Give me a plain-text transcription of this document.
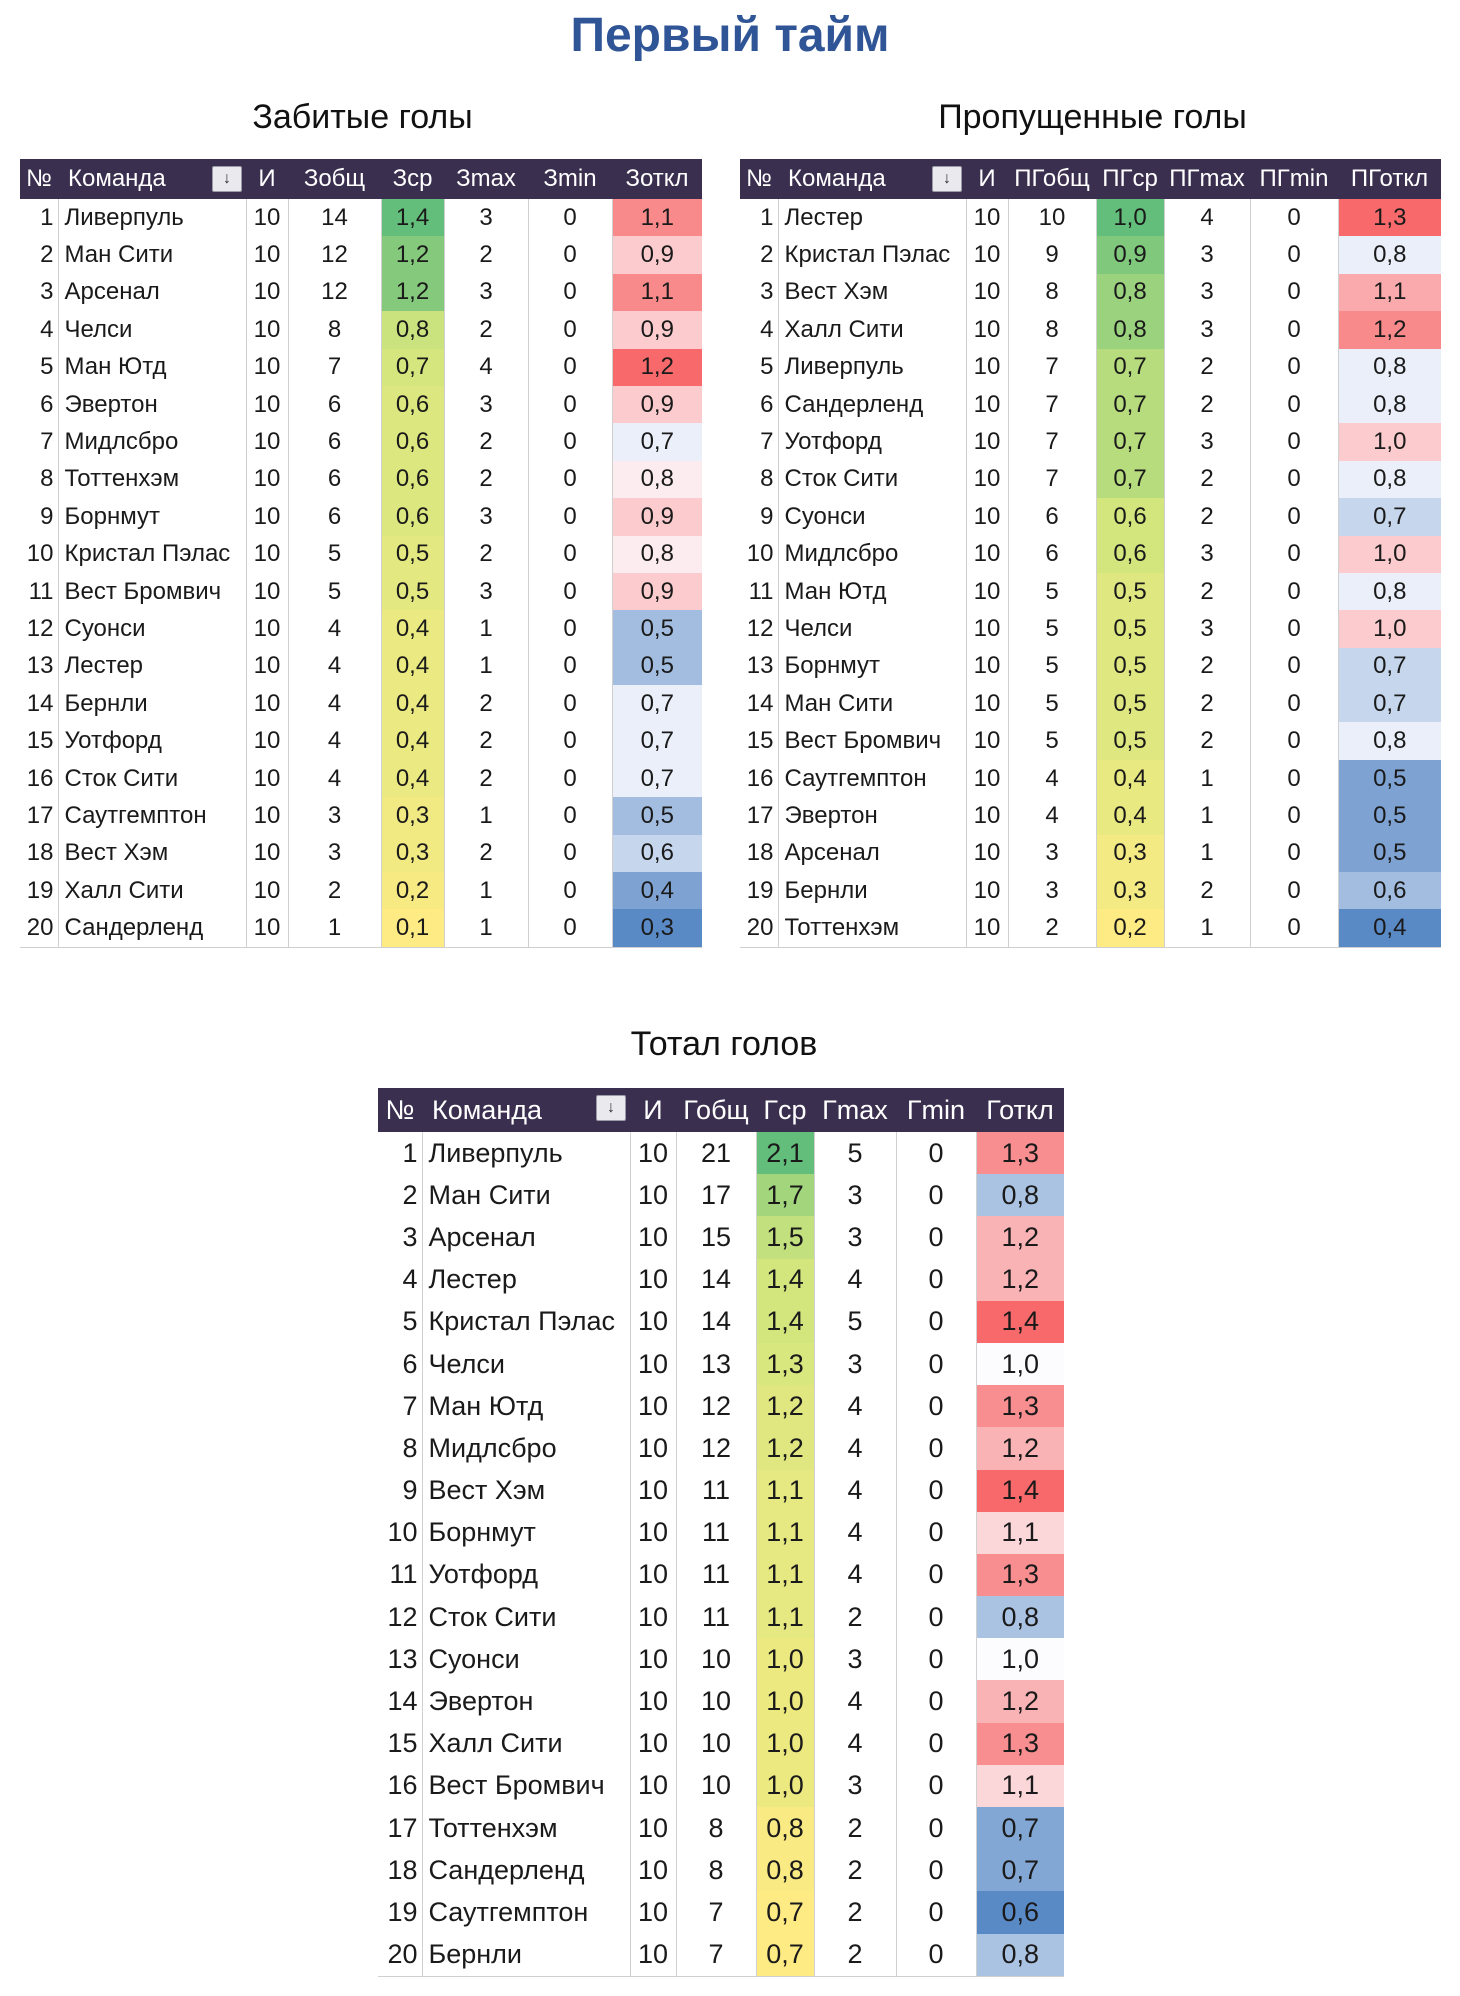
Первый тайм
Забитые голы
№	Команда ↓	И	Зобщ	Зср	Зmax	Зmin	Зоткл
1	Ливерпуль	10	14	1,4	3	0	1,1
2	Ман Сити	10	12	1,2	2	0	0,9
3	Арсенал	10	12	1,2	3	0	1,1
4	Челси	10	8	0,8	2	0	0,9
5	Ман Ютд	10	7	0,7	4	0	1,2
6	Эвертон	10	6	0,6	3	0	0,9
7	Мидлсбро	10	6	0,6	2	0	0,7
8	Тоттенхэм	10	6	0,6	2	0	0,8
9	Борнмут	10	6	0,6	3	0	0,9
10	Кристал Пэлас	10	5	0,5	2	0	0,8
11	Вест Бромвич	10	5	0,5	3	0	0,9
12	Суонси	10	4	0,4	1	0	0,5
13	Лестер	10	4	0,4	1	0	0,5
14	Бернли	10	4	0,4	2	0	0,7
15	Уотфорд	10	4	0,4	2	0	0,7
16	Сток Сити	10	4	0,4	2	0	0,7
17	Саутгемптон	10	3	0,3	1	0	0,5
18	Вест Хэм	10	3	0,3	2	0	0,6
19	Халл Сити	10	2	0,2	1	0	0,4
20	Сандерленд	10	1	0,1	1	0	0,3
Пропущенные голы
№	Команда ↓	И	ПГобщ	ПГср	ПГmax	ПГmin	ПГоткл
1	Лестер	10	10	1,0	4	0	1,3
2	Кристал Пэлас	10	9	0,9	3	0	0,8
3	Вест Хэм	10	8	0,8	3	0	1,1
4	Халл Сити	10	8	0,8	3	0	1,2
5	Ливерпуль	10	7	0,7	2	0	0,8
6	Сандерленд	10	7	0,7	2	0	0,8
7	Уотфорд	10	7	0,7	3	0	1,0
8	Сток Сити	10	7	0,7	2	0	0,8
9	Суонси	10	6	0,6	2	0	0,7
10	Мидлсбро	10	6	0,6	3	0	1,0
11	Ман Ютд	10	5	0,5	2	0	0,8
12	Челси	10	5	0,5	3	0	1,0
13	Борнмут	10	5	0,5	2	0	0,7
14	Ман Сити	10	5	0,5	2	0	0,7
15	Вест Бромвич	10	5	0,5	2	0	0,8
16	Саутгемптон	10	4	0,4	1	0	0,5
17	Эвертон	10	4	0,4	1	0	0,5
18	Арсенал	10	3	0,3	1	0	0,5
19	Бернли	10	3	0,3	2	0	0,6
20	Тоттенхэм	10	2	0,2	1	0	0,4
Тотал голов
№	Команда ↓	И	Гобщ	Гср	Гmax	Гmin	Готкл
1	Ливерпуль	10	21	2,1	5	0	1,3
2	Ман Сити	10	17	1,7	3	0	0,8
3	Арсенал	10	15	1,5	3	0	1,2
4	Лестер	10	14	1,4	4	0	1,2
5	Кристал Пэлас	10	14	1,4	5	0	1,4
6	Челси	10	13	1,3	3	0	1,0
7	Ман Ютд	10	12	1,2	4	0	1,3
8	Мидлсбро	10	12	1,2	4	0	1,2
9	Вест Хэм	10	11	1,1	4	0	1,4
10	Борнмут	10	11	1,1	4	0	1,1
11	Уотфорд	10	11	1,1	4	0	1,3
12	Сток Сити	10	11	1,1	2	0	0,8
13	Суонси	10	10	1,0	3	0	1,0
14	Эвертон	10	10	1,0	4	0	1,2
15	Халл Сити	10	10	1,0	4	0	1,3
16	Вест Бромвич	10	10	1,0	3	0	1,1
17	Тоттенхэм	10	8	0,8	2	0	0,7
18	Сандерленд	10	8	0,8	2	0	0,7
19	Саутгемптон	10	7	0,7	2	0	0,6
20	Бернли	10	7	0,7	2	0	0,8
